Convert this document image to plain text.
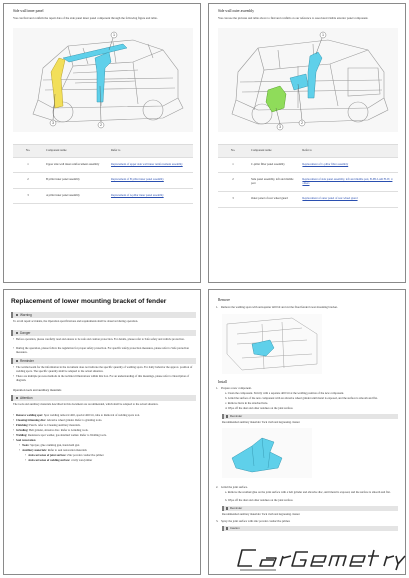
Side wall inner panel
You can find and confirm the repair data of the side panel inner panel component through the following figure and table.
3	2
1
No.	Component name	Refer to
1	Upper side wall inner reinforcement assembly	Replacement of upper side wall inner reinforcement assembly
2	B pillar inner panel assembly	Replacement of B pillar inner panel assembly
3	A pillar inner panel assembly	Replacement of A pillar inner panel assembly
Side wall outer assembly
You can use the pictures and table above to find and confirm on our reference to associated visible exterior panel component.
1
2
3
No.	Component name	Refer to
1	C-pillar filler panel assembly	Replacement of C-pillar filler assembly
2	Side panel assembly, left and middle part	Replacement of side panel assembly, left and middle part, B-PILLAR FLIT, 4 others
3	Outer panel of rear wheel guard	Replacement of outer panel of rear wheel guard
Replacement of lower mounting bracket of fender
Warning
To avoid repair accidents, the Operation specifications and requirements shall be observed during operation.
Danger
• Before operation, please carefully read and ensure to be safe and caution protection. For details, please refer to Safe safety and vehicle protection.
• During the operation, please follow the regulation for proper safety protection. For specific safety protection measures, please refer to Safe protection measures.
Reminder
• The welded seam for the information in the document does not indicate the specific quantity of welding spots. For daily behavior the approx. position of welding spots. The specific quantity shall be adapted to the actual situation.
• There are multiple process methods in the technical illustrations within this box. For an understanding of this meanings, please refer to Description of diagram.
Operation tools and auxiliary materials
Attention
The tools and auxiliary materials described in this document are recommended, which shall be adapted to the actual situation.
• Remove welding spot: Spot welding removal drill, special drill bit, tube to Removal of welding spots tool.
• Cleaning/trimming disc: Abrasive wheel grinder. Refer to grinding tools.
• Finishing: Punch. refer to Cleaning auxiliary materials.
• Grinding: Belt grinder, abrasive disc. Refer to Grinding tools.
• Welding: Resistance spot welder, gas shielded welder. Refer to Welding tools.
• Seal restoration
• Tools: Sprayer, glue caulking gun, hand-held gun
• Auxiliary materials: Refer to seal restoration materials
• Anti-corrosion of joint surface: Zinc powder conductive primer
• Anti-corrosion of welding surface: cavity wax/primer
Remove
1. Remove the welding spots with anti-spatter drill bit and cut the fixed fender lower mounting bracket.
Install
1. Prepare a new component.
a. Clean the component. Strictly with a separate drill bit at the welding position of the new component.
b. Grind the surface of the new component with an abrasive wheel grinder until metal is exposed, and the surface is smooth and flat.
c. Remove burrs in the attached hole.
d. Wipe off the dust and other residues on the joint surface.
Reminder
Recommended auxiliary materials: Tack cloth and degreasing cleaner
2. Grind the joint surface.
a. Remove the residual glue on the joint surface with a belt grinder and abrasive disc, until metal is exposed, and the surface is smooth and flat.
b. Wipe off the dust and other residues on the joint surface.
Reminder
Recommended auxiliary materials: Tack cloth and degreasing cleaner
3. Spray the joint surface with zinc powder conductive primer.
Caution
